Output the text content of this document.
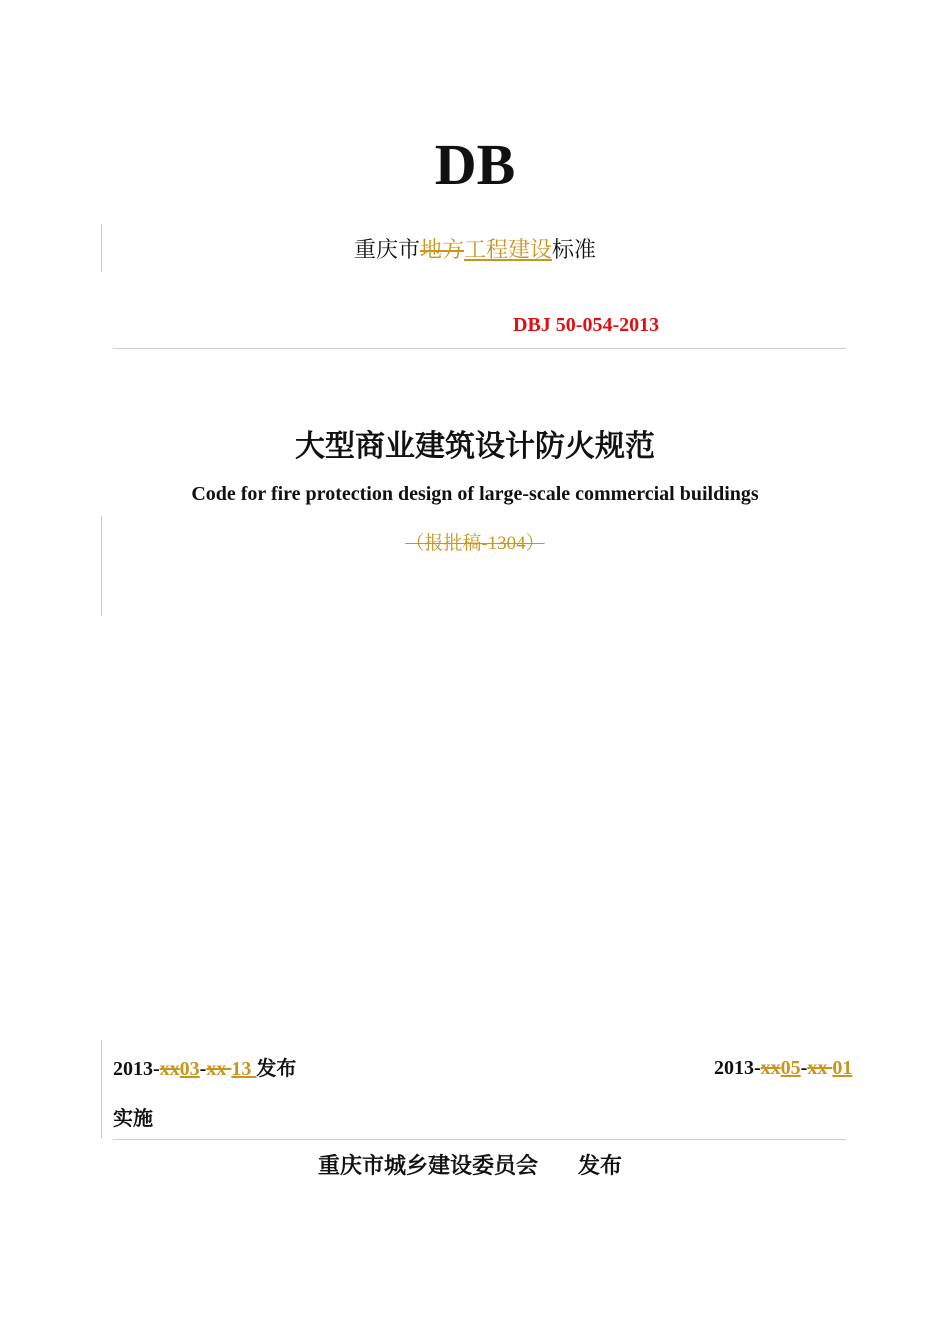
DB
重庆市地方工程建设标准
DBJ 50-054-2013
大型商业建筑设计防火规范
Code for fire protection design of large-scale commercial buildings
（报批稿-1304）
2013-xx03-xx 13 发布	2013-xx05-xx 01
实施
重庆市城乡建设委员会 发布
